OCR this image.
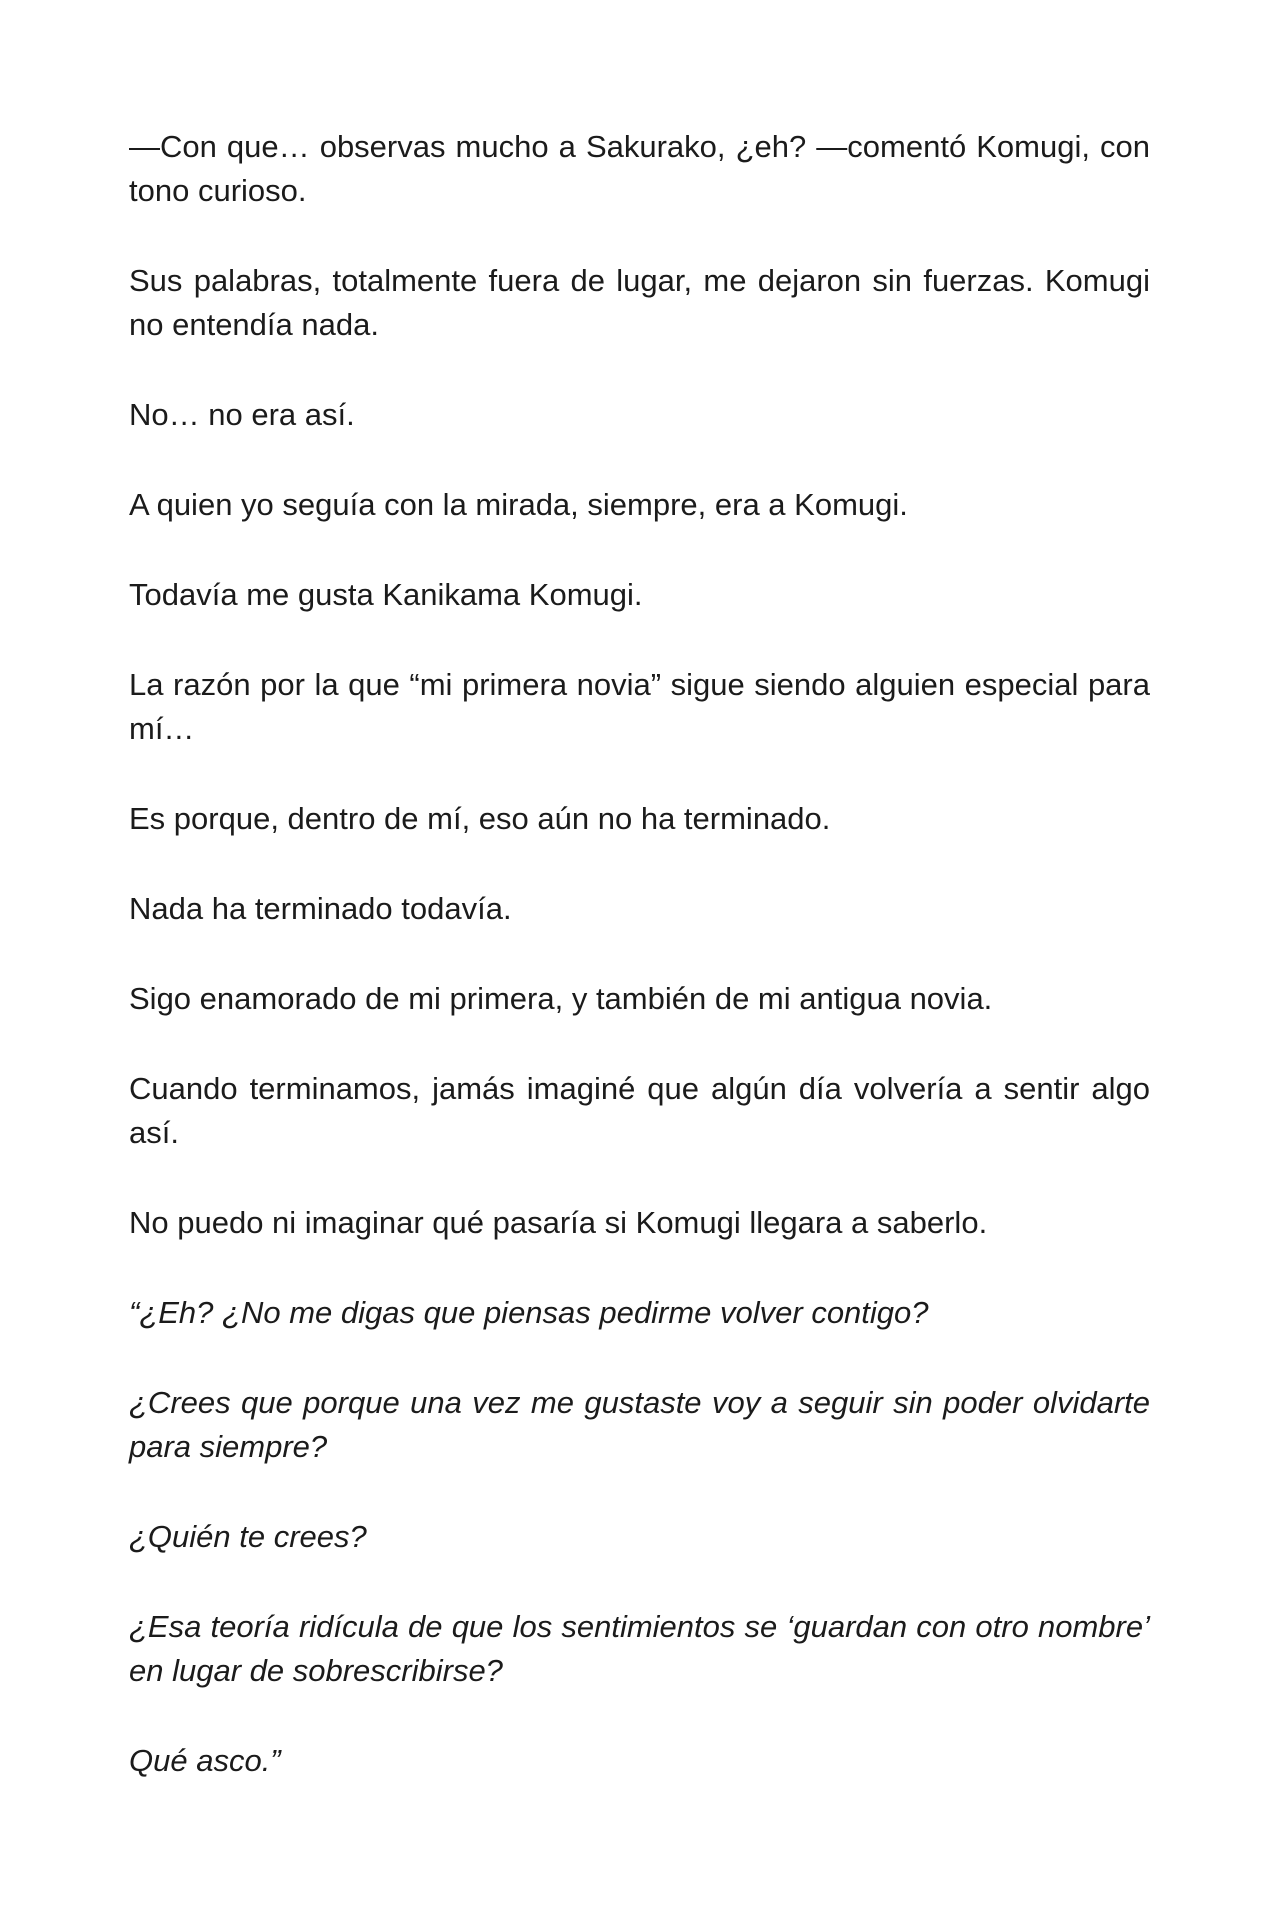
—Con que… observas mucho a Sakurako, ¿eh? —comentó Komugi, con tono curioso.

Sus palabras, totalmente fuera de lugar, me dejaron sin fuerzas. Komugi no entendía nada.

No… no era así.

A quien yo seguía con la mirada, siempre, era a Komugi.

Todavía me gusta Kanikama Komugi.

La razón por la que “mi primera novia” sigue siendo alguien especial para mí…

Es porque, dentro de mí, eso aún no ha terminado.

Nada ha terminado todavía.

Sigo enamorado de mi primera, y también de mi antigua novia.

Cuando terminamos, jamás imaginé que algún día volvería a sentir algo así.

No puedo ni imaginar qué pasaría si Komugi llegara a saberlo.

“¿Eh? ¿No me digas que piensas pedirme volver contigo?

¿Crees que porque una vez me gustaste voy a seguir sin poder olvidarte para siempre?

¿Quién te crees?

¿Esa teoría ridícula de que los sentimientos se ‘guardan con otro nombre’ en lugar de sobrescribirse?

Qué asco.”
